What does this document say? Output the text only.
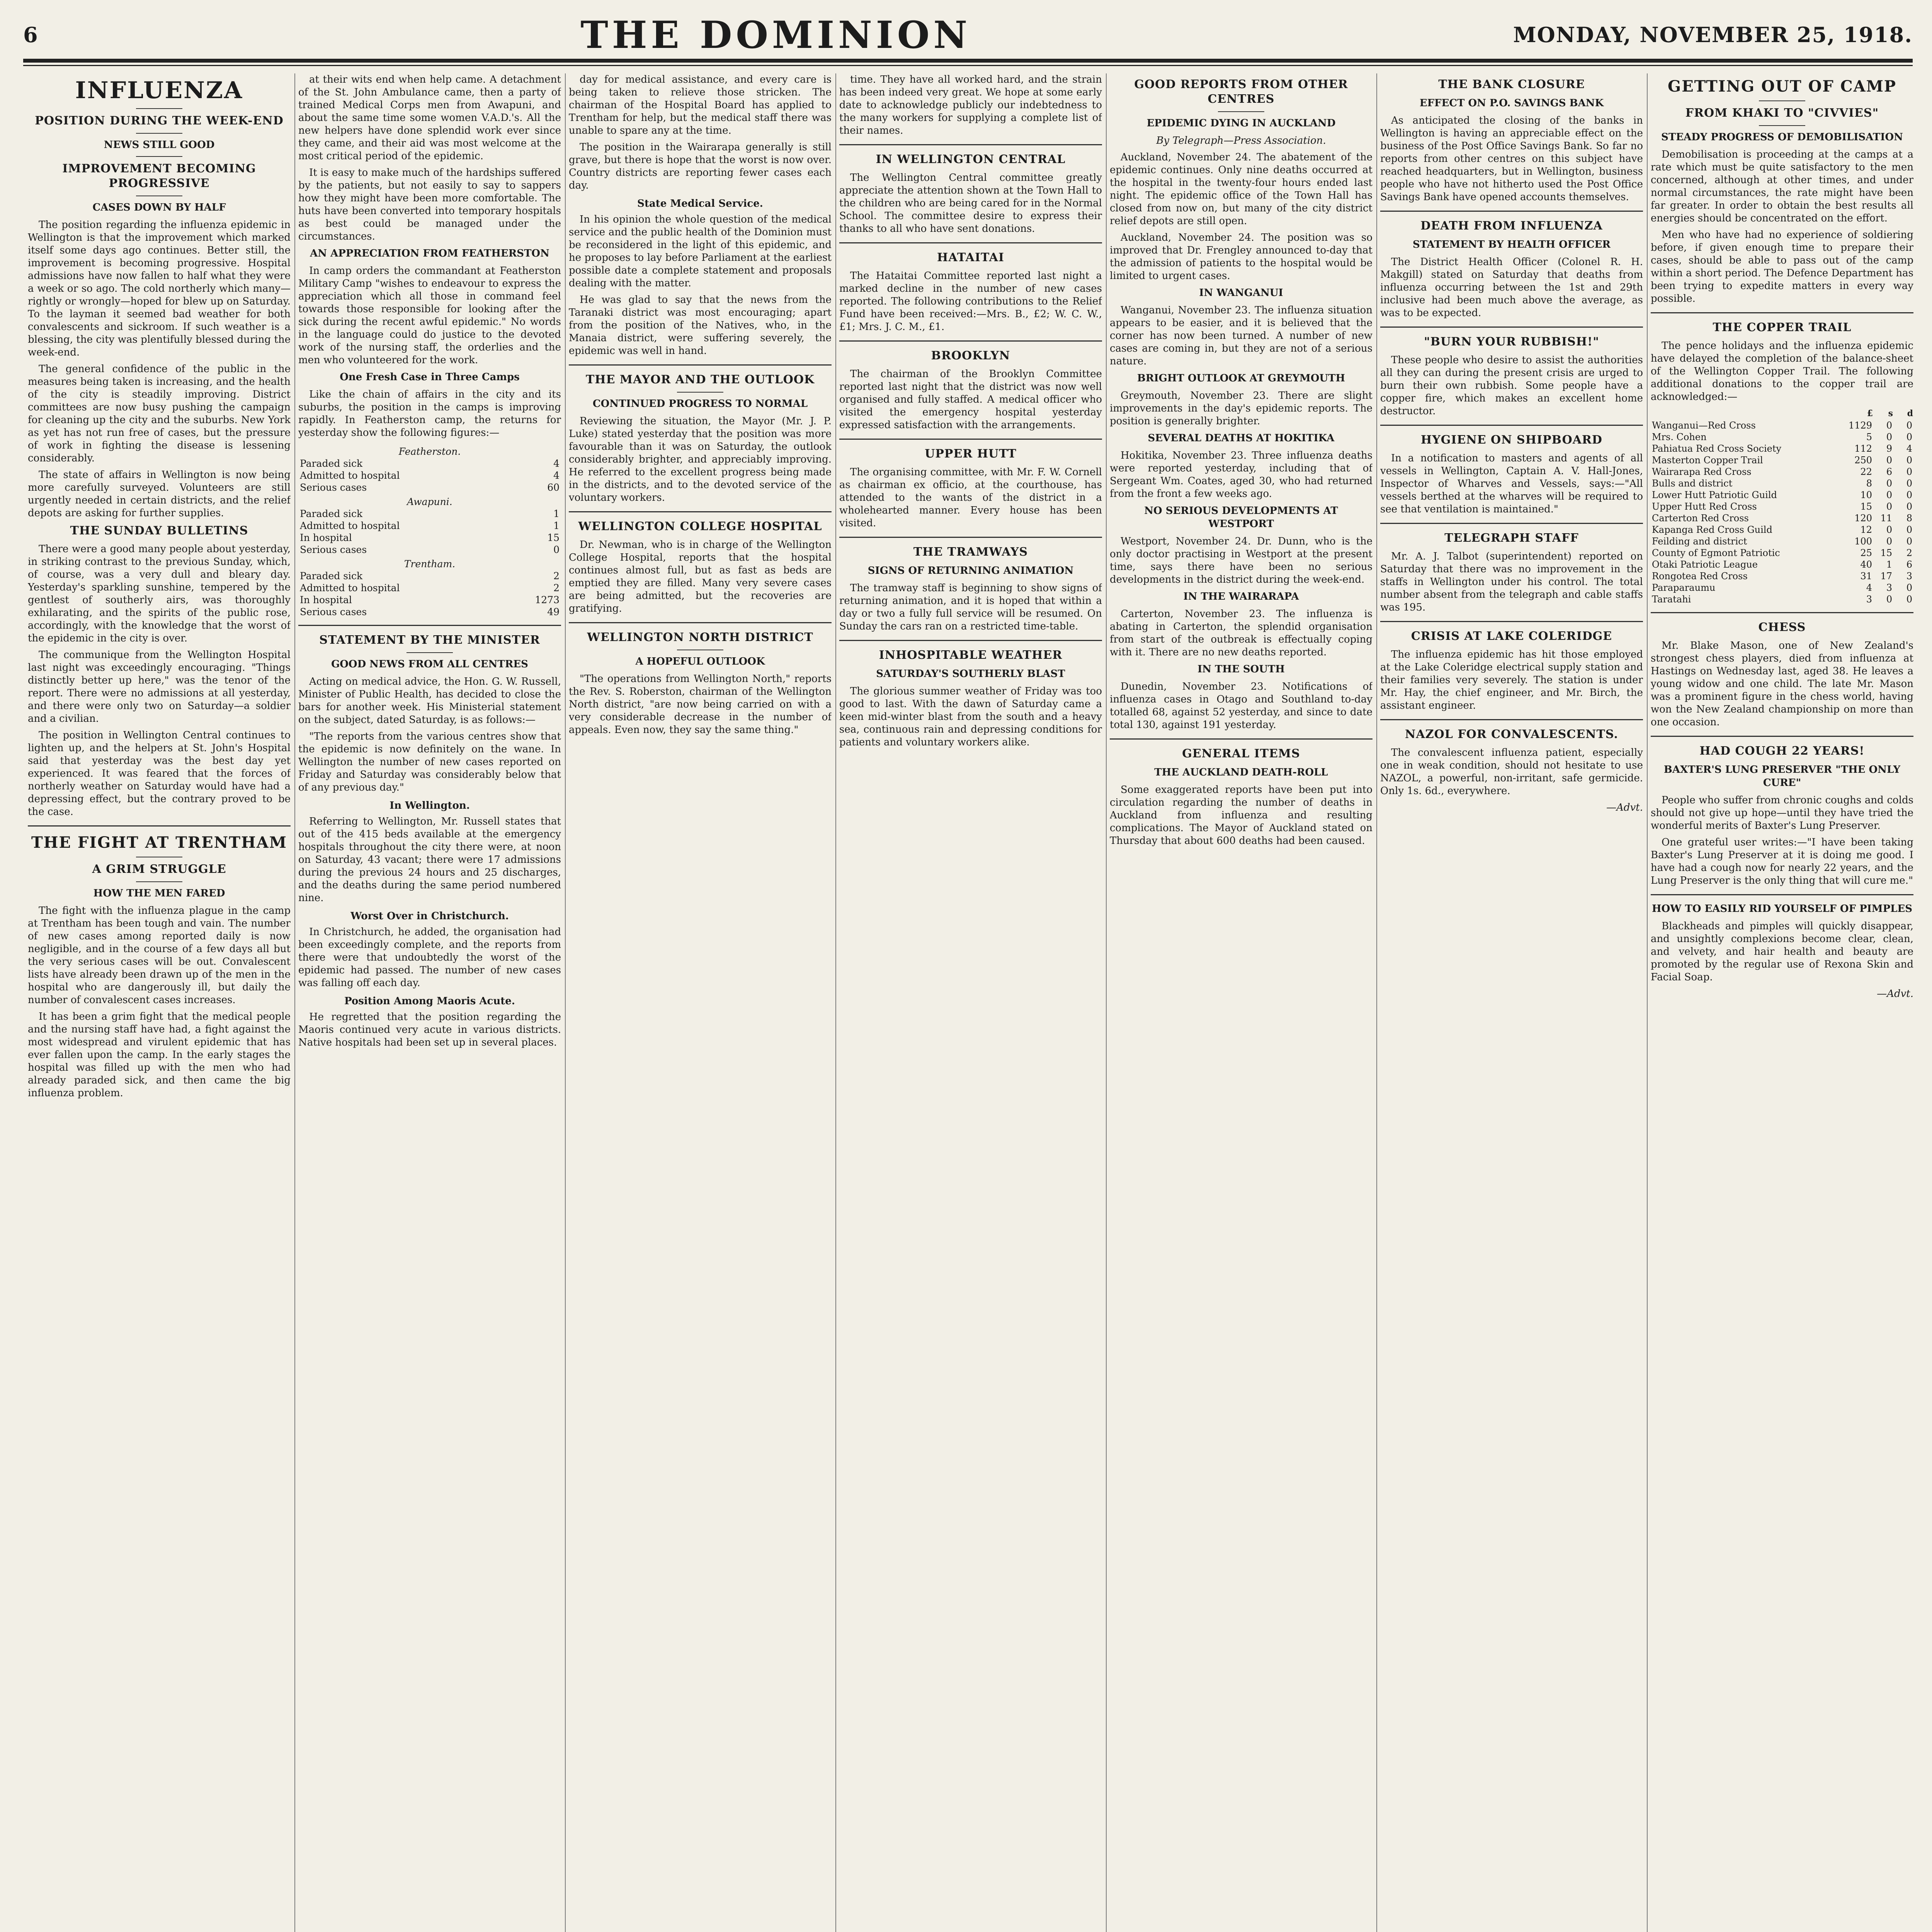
6	THE DOMINION	MONDAY, NOVEMBER 25, 1918.
INFLUENZA
POSITION DURING THE WEEK-END
NEWS STILL GOOD
IMPROVEMENT BECOMING PROGRESSIVE
CASES DOWN BY HALF

The position regarding the influenza epidemic in Wellington is that the improvement which marked itself some days ago continues. Better still, the improvement is becoming progressive. Hospital admissions have now fallen to half what they were a week or so ago. The cold northerly which many—rightly or wrongly—hoped for blew up on Saturday. To the layman it seemed bad weather for both convalescents and sickroom. If such weather is a blessing, the city was plentifully blessed during the week-end.

The general confidence of the public in the measures being taken is increasing, and the health of the city is steadily improving. District committees are now busy pushing the campaign for cleaning up the city and the suburbs. New York as yet has not run free of cases, but the pressure of work in fighting the disease is lessening considerably.

The state of affairs in Wellington is now being more carefully surveyed. Volunteers are still urgently needed in certain districts, and the relief depots are asking for further supplies.

THE SUNDAY BULLETINS

There were a good many people about yesterday, in striking contrast to the previous Sunday, which, of course, was a very dull and bleary day. Yesterday's sparkling sunshine, tempered by the gentlest of southerly airs, was thoroughly exhilarating, and the spirits of the public rose, accordingly, with the knowledge that the worst of the epidemic in the city is over.

The communique from the Wellington Hospital last night was exceedingly encouraging. "Things distinctly better up here," was the tenor of the report. There were no admissions at all yesterday, and there were only two on Saturday—a soldier and a civilian.

The position in Wellington Central continues to lighten up, and the helpers at St. John's Hospital said that yesterday was the best day yet experienced. It was feared that the forces of northerly weather on Saturday would have had a depressing effect, but the contrary proved to be the case.

THE FIGHT AT TRENTHAM
A GRIM STRUGGLE
HOW THE MEN FARED

The fight with the influenza plague in the camp at Trentham has been tough and vain. The number of new cases among reported daily is now negligible, and in the course of a few days all but the very serious cases will be out. Convalescent lists have already been drawn up of the men in the hospital who are dangerously ill, but daily the number of convalescent cases increases.

It has been a grim fight that the medical people and the nursing staff have had, a fight against the most widespread and virulent epidemic that has ever fallen upon the camp. In the early stages the hospital was filled up with the men who had already paraded sick, and then came the big influenza problem.

at their wits end when help came. A detachment of the St. John Ambulance came, then a party of trained Medical Corps men from Awapuni, and about the same time some women V.A.D.'s. All the new helpers have done splendid work ever since they came, and their aid was most welcome at the most critical period of the epidemic.

It is easy to make much of the hardships suffered by the patients, but not easily to say to sappers how they might have been more comfortable. The huts have been converted into temporary hospitals as best could be managed under the circumstances.

AN APPRECIATION FROM FEATHERSTON

In camp orders the commandant at Featherston Military Camp "wishes to endeavour to express the appreciation which all those in command feel towards those responsible for looking after the sick during the recent awful epidemic." No words in the language could do justice to the devoted work of the nursing staff, the orderlies and the men who volunteered for the work.

One Fresh Case in Three Camps

Like the chain of affairs in the city and its suburbs, the position in the camps is improving rapidly. In Featherston camp, the returns for yesterday show the following figures:—

Featherston.	
Paraded sick	4
Admitted to hospital	4
Serious cases	60
Awapuni.	
Paraded sick	1
Admitted to hospital	1
In hospital	15
Serious cases	0
Trentham.	
Paraded sick	2
Admitted to hospital	2
In hospital	1273
Serious cases	49
STATEMENT BY THE MINISTER
GOOD NEWS FROM ALL CENTRES

Acting on medical advice, the Hon. G. W. Russell, Minister of Public Health, has decided to close the bars for another week. His Ministerial statement on the subject, dated Saturday, is as follows:—

"The reports from the various centres show that the epidemic is now definitely on the wane. In Wellington the number of new cases reported on Friday and Saturday was considerably below that of any previous day."

In Wellington.

Referring to Wellington, Mr. Russell states that out of the 415 beds available at the emergency hospitals throughout the city there were, at noon on Saturday, 43 vacant; there were 17 admissions during the previous 24 hours and 25 discharges, and the deaths during the same period numbered nine.

Worst Over in Christchurch.

In Christchurch, he added, the organisation had been exceedingly complete, and the reports from there were that undoubtedly the worst of the epidemic had passed. The number of new cases was falling off each day.

Position Among Maoris Acute.

He regretted that the position regarding the Maoris continued very acute in various districts. Native hospitals had been set up in several places.

day for medical assistance, and every care is being taken to relieve those stricken. The chairman of the Hospital Board has applied to Trentham for help, but the medical staff there was unable to spare any at the time.

The position in the Wairarapa generally is still grave, but there is hope that the worst is now over. Country districts are reporting fewer cases each day.

State Medical Service.

In his opinion the whole question of the medical service and the public health of the Dominion must be reconsidered in the light of this epidemic, and he proposes to lay before Parliament at the earliest possible date a complete statement and proposals dealing with the matter.

He was glad to say that the news from the Taranaki district was most encouraging; apart from the position of the Natives, who, in the Manaia district, were suffering severely, the epidemic was well in hand.

THE MAYOR AND THE OUTLOOK
CONTINUED PROGRESS TO NORMAL

Reviewing the situation, the Mayor (Mr. J. P. Luke) stated yesterday that the position was more favourable than it was on Saturday, the outlook considerably brighter, and appreciably improving. He referred to the excellent progress being made in the districts, and to the devoted service of the voluntary workers.

WELLINGTON COLLEGE HOSPITAL

Dr. Newman, who is in charge of the Wellington College Hospital, reports that the hospital continues almost full, but as fast as beds are emptied they are filled. Many very severe cases are being admitted, but the recoveries are gratifying.

WELLINGTON NORTH DISTRICT
A HOPEFUL OUTLOOK

"The operations from Wellington North," reports the Rev. S. Roberston, chairman of the Wellington North district, "are now being carried on with a very considerable decrease in the number of appeals. Even now, they say the same thing."

time. They have all worked hard, and the strain has been indeed very great. We hope at some early date to acknowledge publicly our indebtedness to the many workers for supplying a complete list of their names.

IN WELLINGTON CENTRAL

The Wellington Central committee greatly appreciate the attention shown at the Town Hall to the children who are being cared for in the Normal School. The committee desire to express their thanks to all who have sent donations.

HATAITAI

The Hataitai Committee reported last night a marked decline in the number of new cases reported. The following contributions to the Relief Fund have been received:—Mrs. B., £2; W. C. W., £1; Mrs. J. C. M., £1.

BROOKLYN

The chairman of the Brooklyn Committee reported last night that the district was now well organised and fully staffed. A medical officer who visited the emergency hospital yesterday expressed satisfaction with the arrangements.

UPPER HUTT

The organising committee, with Mr. F. W. Cornell as chairman ex officio, at the courthouse, has attended to the wants of the district in a wholehearted manner. Every house has been visited.

THE TRAMWAYS
SIGNS OF RETURNING ANIMATION

The tramway staff is beginning to show signs of returning animation, and it is hoped that within a day or two a fully full service will be resumed. On Sunday the cars ran on a restricted time-table.

INHOSPITABLE WEATHER
SATURDAY'S SOUTHERLY BLAST

The glorious summer weather of Friday was too good to last. With the dawn of Saturday came a keen mid-winter blast from the south and a heavy sea, continuous rain and depressing conditions for patients and voluntary workers alike.

GOOD REPORTS FROM OTHER CENTRES
EPIDEMIC DYING IN AUCKLAND
By Telegraph—Press Association.

Auckland, November 24. The abatement of the epidemic continues. Only nine deaths occurred at the hospital in the twenty-four hours ended last night. The epidemic office of the Town Hall has closed from now on, but many of the city district relief depots are still open.

Auckland, November 24. The position was so improved that Dr. Frengley announced to-day that the admission of patients to the hospital would be limited to urgent cases.

IN WANGANUI

Wanganui, November 23. The influenza situation appears to be easier, and it is believed that the corner has now been turned. A number of new cases are coming in, but they are not of a serious nature.

BRIGHT OUTLOOK AT GREYMOUTH

Greymouth, November 23. There are slight improvements in the day's epidemic reports. The position is generally brighter.

SEVERAL DEATHS AT HOKITIKA

Hokitika, November 23. Three influenza deaths were reported yesterday, including that of Sergeant Wm. Coates, aged 30, who had returned from the front a few weeks ago.

NO SERIOUS DEVELOPMENTS AT WESTPORT

Westport, November 24. Dr. Dunn, who is the only doctor practising in Westport at the present time, says there have been no serious developments in the district during the week-end.

IN THE WAIRARAPA

Carterton, November 23. The influenza is abating in Carterton, the splendid organisation from start of the outbreak is effectually coping with it. There are no new deaths reported.

IN THE SOUTH

Dunedin, November 23. Notifications of influenza cases in Otago and Southland to-day totalled 68, against 52 yesterday, and since to date total 130, against 191 yesterday.

GENERAL ITEMS
THE AUCKLAND DEATH-ROLL

Some exaggerated reports have been put into circulation regarding the number of deaths in Auckland from influenza and resulting complications. The Mayor of Auckland stated on Thursday that about 600 deaths had been caused.

THE BANK CLOSURE
EFFECT ON P.O. SAVINGS BANK

As anticipated the closing of the banks in Wellington is having an appreciable effect on the business of the Post Office Savings Bank. So far no reports from other centres on this subject have reached headquarters, but in Wellington, business people who have not hitherto used the Post Office Savings Bank have opened accounts themselves.

DEATH FROM INFLUENZA
STATEMENT BY HEALTH OFFICER

The District Health Officer (Colonel R. H. Makgill) stated on Saturday that deaths from influenza occurring between the 1st and 29th inclusive had been much above the average, as was to be expected.

"BURN YOUR RUBBISH!"

These people who desire to assist the authorities all they can during the present crisis are urged to burn their own rubbish. Some people have a copper fire, which makes an excellent home destructor.

HYGIENE ON SHIPBOARD

In a notification to masters and agents of all vessels in Wellington, Captain A. V. Hall-Jones, Inspector of Wharves and Vessels, says:—"All vessels berthed at the wharves will be required to see that ventilation is maintained."

TELEGRAPH STAFF

Mr. A. J. Talbot (superintendent) reported on Saturday that there was no improvement in the staffs in Wellington under his control. The total number absent from the telegraph and cable staffs was 195.

CRISIS AT LAKE COLERIDGE

The influenza epidemic has hit those employed at the Lake Coleridge electrical supply station and their families very severely. The station is under Mr. Hay, the chief engineer, and Mr. Birch, the assistant engineer.

NAZOL FOR CONVALESCENTS.

The convalescent influenza patient, especially one in weak condition, should not hesitate to use NAZOL, a powerful, non-irritant, safe germicide. Only 1s. 6d., everywhere.

—Advt.
GETTING OUT OF CAMP
FROM KHAKI TO "CIVVIES"
STEADY PROGRESS OF DEMOBILISATION

Demobilisation is proceeding at the camps at a rate which must be quite satisfactory to the men concerned, although at other times, and under normal circumstances, the rate might have been far greater. In order to obtain the best results all energies should be concentrated on the effort.

Men who have had no experience of soldiering before, if given enough time to prepare their cases, should be able to pass out of the camp within a short period. The Defence Department has been trying to expedite matters in every way possible.

THE COPPER TRAIL

The pence holidays and the influenza epidemic have delayed the completion of the balance-sheet of the Wellington Copper Trail. The following additional donations to the copper trail are acknowledged:—

	£	s	d
Wanganui—Red Cross	1129	0	0
Mrs. Cohen	5	0	0
Pahiatua Red Cross Society	112	9	4
Masterton Copper Trail	250	0	0
Wairarapa Red Cross	22	6	0
Bulls and district	8	0	0
Lower Hutt Patriotic Guild	10	0	0
Upper Hutt Red Cross	15	0	0
Carterton Red Cross	120	11	8
Kapanga Red Cross Guild	12	0	0
Feilding and district	100	0	0
County of Egmont Patriotic	25	15	2
Otaki Patriotic League	40	1	6
Rongotea Red Cross	31	17	3
Paraparaumu	4	3	0
Taratahi	3	0	0
CHESS

Mr. Blake Mason, one of New Zealand's strongest chess players, died from influenza at Hastings on Wednesday last, aged 38. He leaves a young widow and one child. The late Mr. Mason was a prominent figure in the chess world, having won the New Zealand championship on more than one occasion.

HAD COUGH 22 YEARS!
BAXTER'S LUNG PRESERVER "THE ONLY CURE"

People who suffer from chronic coughs and colds should not give up hope—until they have tried the wonderful merits of Baxter's Lung Preserver.

One grateful user writes:—"I have been taking Baxter's Lung Preserver at it is doing me good. I have had a cough now for nearly 22 years, and the Lung Preserver is the only thing that will cure me."

HOW TO EASILY RID YOURSELF OF PIMPLES

Blackheads and pimples will quickly disappear, and unsightly complexions become clear, clean, and velvety, and hair health and beauty are promoted by the regular use of Rexona Skin and Facial Soap.

—Advt.
